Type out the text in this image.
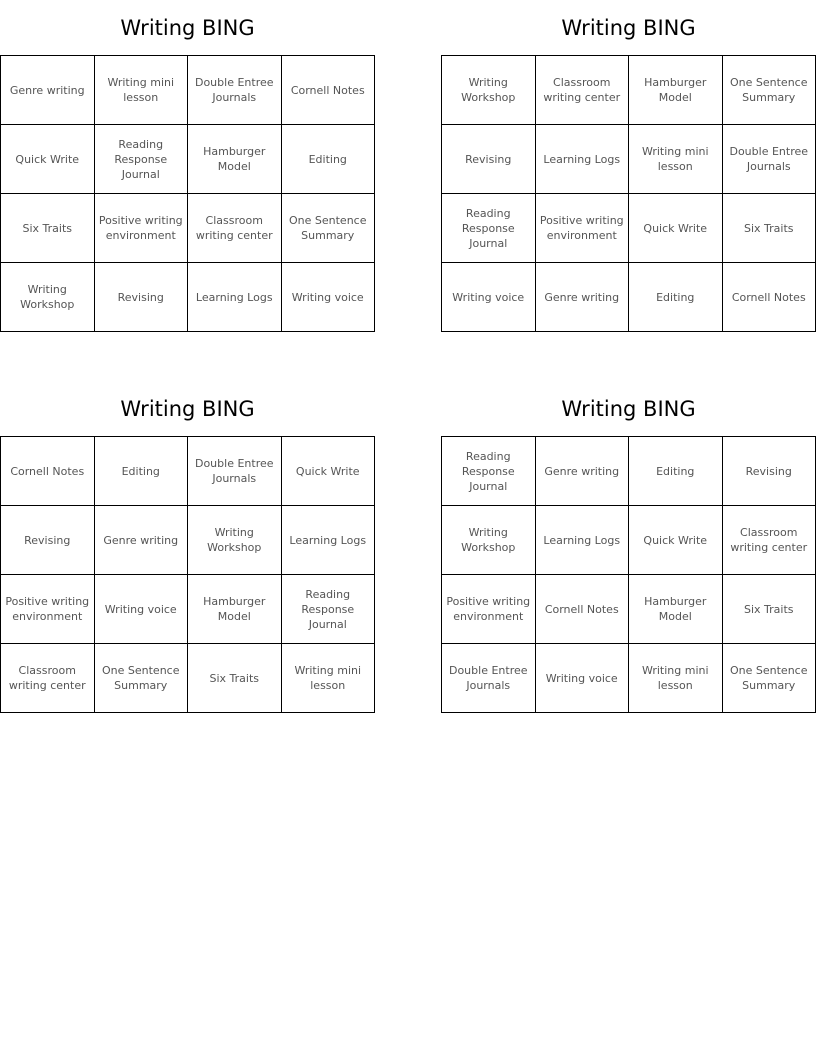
Writing BING
Genre writing	Writing mini lesson	Double Entree Journals	Cornell Notes
Quick Write	Reading Response Journal	Hamburger Model	Editing
Six Traits	Positive writing environment	Classroom writing center	One Sentence Summary
Writing Workshop	Revising	Learning Logs	Writing voice
Writing BING
Writing Workshop	Classroom writing center	Hamburger Model	One Sentence Summary
Revising	Learning Logs	Writing mini lesson	Double Entree Journals
Reading Response Journal	Positive writing environment	Quick Write	Six Traits
Writing voice	Genre writing	Editing	Cornell Notes
Writing BING
Cornell Notes	Editing	Double Entree Journals	Quick Write
Revising	Genre writing	Writing Workshop	Learning Logs
Positive writing environment	Writing voice	Hamburger Model	Reading Response Journal
Classroom writing center	One Sentence Summary	Six Traits	Writing mini lesson
Writing BING
Reading Response Journal	Genre writing	Editing	Revising
Writing Workshop	Learning Logs	Quick Write	Classroom writing center
Positive writing environment	Cornell Notes	Hamburger Model	Six Traits
Double Entree Journals	Writing voice	Writing mini lesson	One Sentence Summary
